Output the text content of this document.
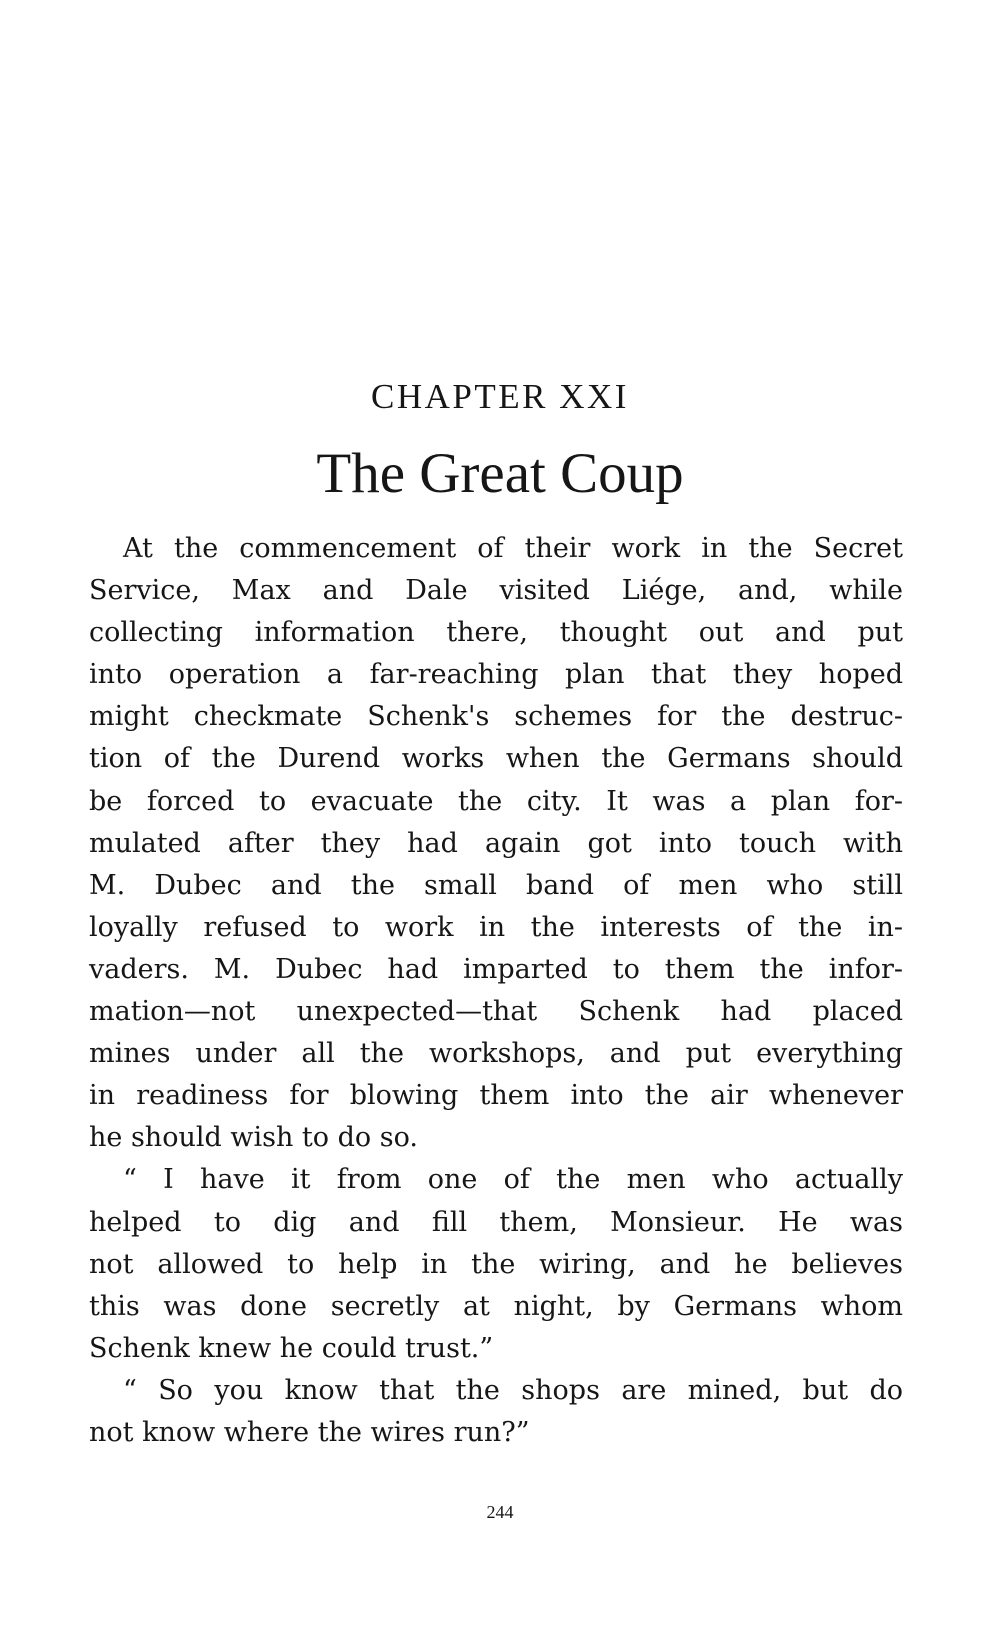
CHAPTER XXI
The Great Coup
At the commencement of their work in the Secret
Service, Max and Dale visited Liége, and, while
collecting information there, thought out and put
into operation a far-reaching plan that they hoped
might checkmate Schenk's schemes for the destruc-
tion of the Durend works when the Germans should
be forced to evacuate the city. It was a plan for-
mulated after they had again got into touch with
M. Dubec and the small band of men who still
loyally refused to work in the interests of the in-
vaders. M. Dubec had imparted to them the infor-
mation—not unexpected—that Schenk had placed
mines under all the workshops, and put everything
in readiness for blowing them into the air whenever
he should wish to do so.
“ I have it from one of the men who actually
helped to dig and fill them, Monsieur. He was
not allowed to help in the wiring, and he believes
this was done secretly at night, by Germans whom
Schenk knew he could trust.”
“ So you know that the shops are mined, but do
not know where the wires run?”
244
